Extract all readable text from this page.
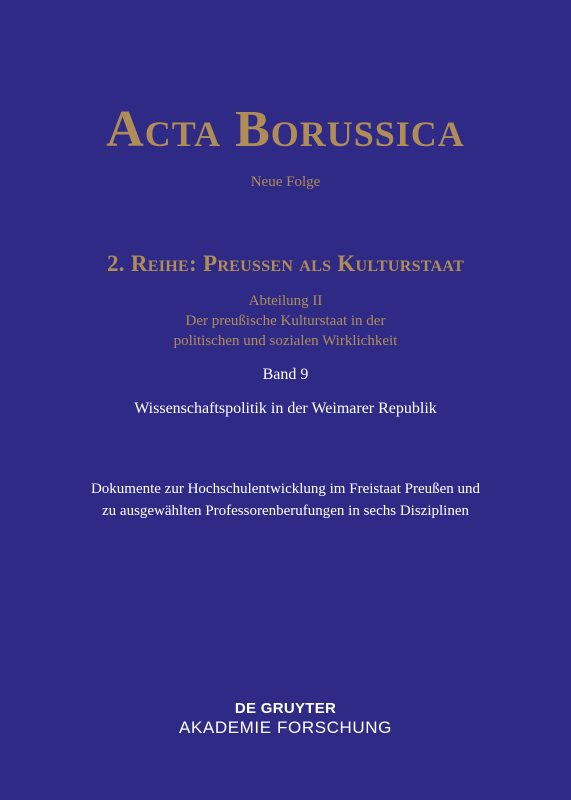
Acta Borussica

Neue Folge

2. Reihe: Preussen als Kulturstaat
Abteilung II
Der preußische Kulturstaat in der
politischen und sozialen Wirklichkeit

Band 9

Wissenschaftspolitik in der Weimarer Republik

Dokumente zur Hochschulentwicklung im Freistaat Preußen und
zu ausgewählten Professorenberufungen in sechs Disziplinen
DE GRUYTER
AKADEMIE FORSCHUNG
